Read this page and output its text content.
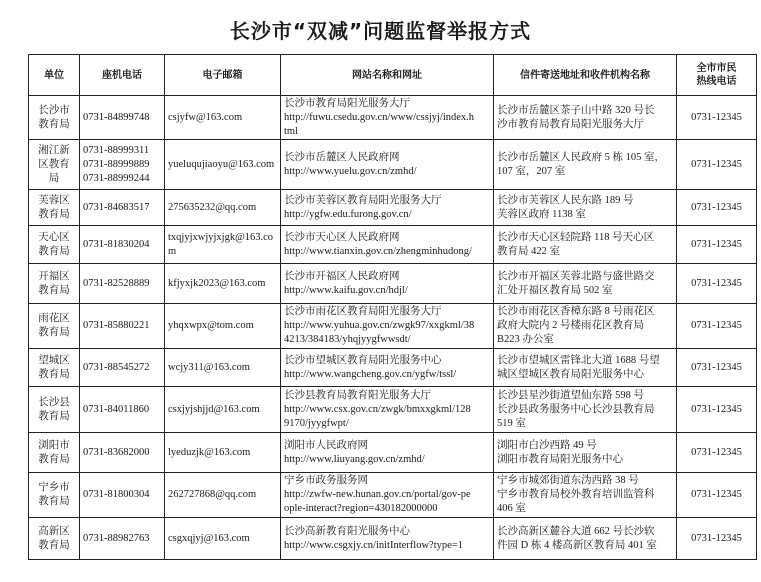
长沙市“双减”问题监督举报方式
单位	座机电话	电子邮箱	网站名称和网址	信件寄送地址和收件机构名称	全市市民
热线电话

长沙市
教育局	0731-84899748	csjyfw@163.com	长沙市教育局阳光服务大厅
http://fuwu.csedu.gov.cn/www/cssjyj/index.h
tml	长沙市岳麓区茶子山中路 320 号长
沙市教育局教育局阳光服务大厅	0731-12345

湘江新
区教育
局	0731-88999311
0731-88999889
0731-88999244	yueluqujiaoyu@163.com	长沙市岳麓区人民政府网
http://www.yuelu.gov.cn/zmhd/	长沙市岳麓区人民政府 5 栋 105 室，
107 室，207 室	0731-12345

芙蓉区
教育局	0731-84683517	275635232@qq.com	长沙市芙蓉区教育局阳光服务大厅
http://ygfw.edu.furong.gov.cn/	长沙市芙蓉区人民东路 189 号
芙蓉区政府 1138 室	0731-12345

天心区
教育局	0731-81830204	txqjyjxwjyjxjgk@163.co
m	长沙市天心区人民政府网
http://www.tianxin.gov.cn/zhengminhudong/	长沙市天心区轻院路 118 号天心区
教育局 422 室	0731-12345

开福区
教育局	0731-82528889	kfjyxjk2023@163.com	长沙市开福区人民政府网
http://www.kaifu.gov.cn/hdjl/	长沙市开福区芙蓉北路与盛世路交
汇处开福区教育局 502 室	0731-12345

雨花区
教育局	0731-85880221	yhqxwpx@tom.com	长沙市雨花区教育局阳光服务大厅
http://www.yuhua.gov.cn/zwgk97/xxgkml/38
4213/384183/yhqjyygfwwsdt/	长沙市雨花区香樟东路 8 号雨花区
政府大院内 2 号楼雨花区教育局
B223 办公室	0731-12345

望城区
教育局	0731-88545272	wcjy311@163.com	长沙市望城区教育局阳光服务中心
http://www.wangcheng.gov.cn/ygfw/tssl/	长沙市望城区雷锋北大道 1688 号望
城区望城区教育局阳光服务中心	0731-12345

长沙县
教育局	0731-84011860	csxjyjshjjd@163.com	长沙县教育局教育阳光服务大厅
http://www.csx.gov.cn/zwgk/bmxxgkml/128
9170/jyygfwpt/	长沙县星沙街道望仙东路 598 号
长沙县政务服务中心长沙县教育局
519 室	0731-12345

浏阳市
教育局	0731-83682000	lyeduzjk@163.com	浏阳市人民政府网
http://www.liuyang.gov.cn/zmhd/	浏阳市白沙西路 49 号
浏阳市教育局阳光服务中心	0731-12345

宁乡市
教育局	0731-81800304	262727868@qq.com	宁乡市政务服务网
http://zwfw-new.hunan.gov.cn/portal/gov-pe
ople-interact?region=430182000000	宁乡市城郊街道东沩西路 38 号
宁乡市教育局校外教育培训监管科
406 室	0731-12345

高新区
教育局	0731-88982763	csgxqjyj@163.com	长沙高新教育阳光服务中心
http://www.csgxjy.cn/initInterflow?type=1	长沙高新区麓谷大道 662 号长沙软
件园 D 栋 4 楼高新区教育局 401 室	0731-12345
